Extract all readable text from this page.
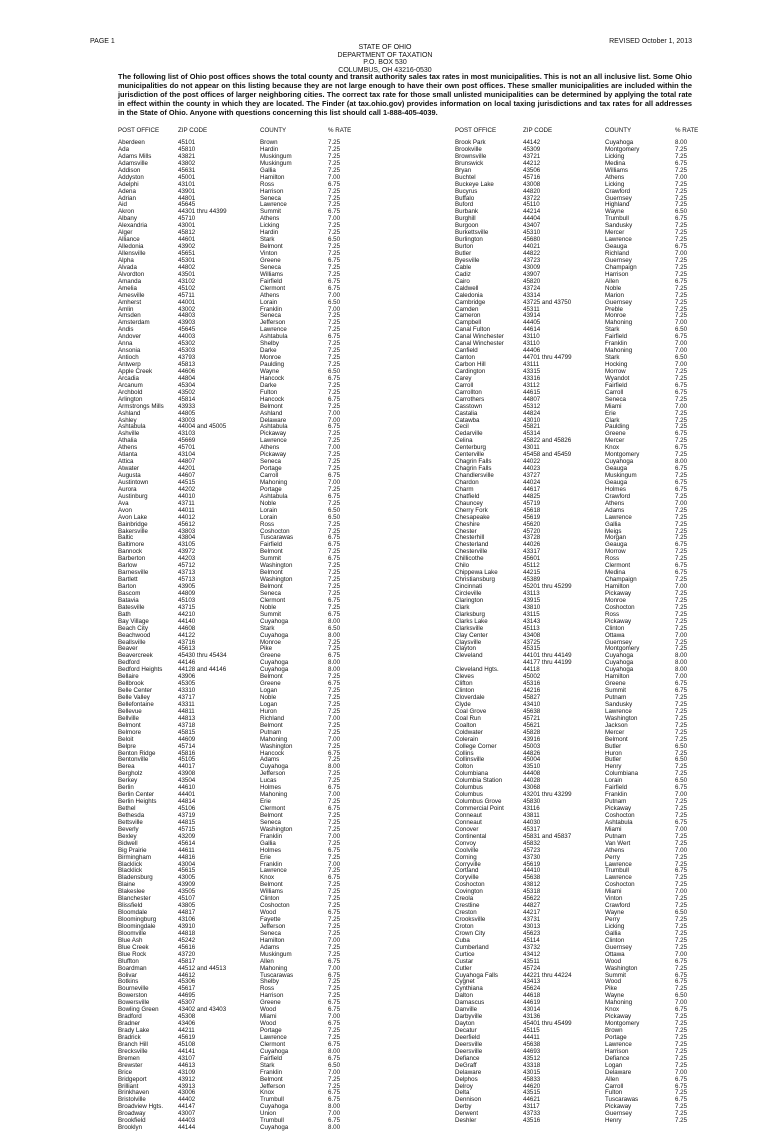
PAGE 1	REVISED October 1, 2013
STATE OF OHIO
DEPARTMENT OF TAXATION
P.O. BOX 530
COLUMBUS, OH 43216-0530
The following list of Ohio post offices shows the total county and transit authority sales tax rates in most municipalities. This is not an all inclusive list. Some Ohio municipalities do not appear on this listing because they are not large enough to have their own post offices. These smaller municipalities are included within the jurisdiction of the post offices of larger neighboring cities. The correct tax rate for those small unlisted municipalities can be determined by applying the total rate in effect within the county in which they are located. The Finder (at tax.ohio.gov) provides information on local taxing jurisdictions and tax rates for all addresses in the State of Ohio. Anyone with questions concerning this list should call 1-888-405-4039.
POST OFFICE	ZIP CODE	COUNTY	% RATE
Aberdeen	45101	Brown	7.25
Ada	45810	Hardin	7.25
Adams Mills	43821	Muskingum	7.25
Adamsville	43802	Muskingum	7.25
Addison	45631	Gallia	7.25
Addyston	45001	Hamilton	7.00
Adelphi	43101	Ross	6.75
Adena	43901	Harrison	7.25
Adrian	44801	Seneca	7.25
Aid	45645	Lawrence	7.25
Akron	44301 thru 44399	Summit	6.75
Albany	45710	Athens	7.00
Alexandria	43001	Licking	7.25
Alger	45812	Hardin	7.25
Alliance	44601	Stark	6.50
Alledonia	43902	Belmont	7.25
Allensville	45651	Vinton	7.25
Alpha	45301	Greene	6.75
Alvada	44802	Seneca	7.25
Alvordton	43501	Williams	7.25
Amanda	43102	Fairfield	6.75
Amelia	45102	Clermont	6.75
Amesville	45711	Athens	7.00
Amherst	44001	Lorain	6.50
Amlin	43002	Franklin	7.00
Amsden	44803	Seneca	7.25
Amsterdam	43903	Jefferson	7.25
Andis	45645	Lawrence	7.25
Andover	44003	Ashtabula	6.75
Anna	45302	Shelby	7.25
Ansonia	45303	Darke	7.25
Antioch	43793	Monroe	7.25
Antwerp	45813	Paulding	7.25
Apple Creek	44606	Wayne	6.50
Arcadia	44804	Hancock	6.75
Arcanum	45304	Darke	7.25
Archbold	43502	Fulton	7.25
Arlington	45814	Hancock	6.75
Armstrongs Mills 43933	Belmont	7.25
Ashland	44805	Ashland	7.00
Ashley	43003	Delaware	7.00
Ashtabula	44004 and 45005	Ashtabula	6.75
Ashville	43103	Pickaway	7.25
Athalia	45669	Lawrence	7.25
Athens	45701	Athens	7.00
Atlanta	43104	Pickaway	7.25
Attica	44807	Seneca	7.25
Atwater	44201	Portage	7.25
Augusta	44607	Carroll	6.75
Austintown	44515	Mahoning	7.00
Aurora	44202	Portage	7.25
Austinburg	44010	Ashtabula	6.75
Ava	43711	Noble	7.25
Avon	44011	Lorain	6.50
Avon Lake	44012	Lorain	6.50
Bainbridge	45612	Ross	7.25
Bakersville	43803	Coshocton	7.25
Baltic	43804	Tuscarawas	6.75
Baltimore	43105	Fairfield	6.75
Bannock	43972	Belmont	7.25
Barberton	44203	Summit	6.75
Barlow	45712	Washington	7.25
Barnesville	43713	Belmont	7.25
Bartlett	45713	Washington	7.25
Barton	43905	Belmont	7.25
Bascom	44809	Seneca	7.25
Batavia	45103	Clermont	6.75
Batesville	43715	Noble	7.25
Bath	44210	Summit	6.75
Bay Village	44140	Cuyahoga	8.00
Beach City	44608	Stark	6.50
Beachwood	44122	Cuyahoga	8.00
Beallsville	43716	Monroe	7.25
Beaver	45613	Pike	7.25
Beavercreek	45430 thru 45434	Greene	6.75
Bedford	44146	Cuyahoga	8.00
Bedford Heights	44128 and 44146	Cuyahoga	8.00
Bellaire	43906	Belmont	7.25
Bellbrook	45305	Greene	6.75
Belle Center	43310	Logan	7.25
Belle Valley	43717	Noble	7.25
Bellefontaine	43311	Logan	7.25
Bellevue	44811	Huron	7.25
Bellville	44813	Richland	7.00
Belmont	43718	Belmont	7.25
Belmore	45815	Putnam	7.25
Beloit	44609	Mahoning	7.00
Belpre	45714	Washington	7.25
Benton Ridge	45816	Hancock	6.75
Bentonville	45105	Adams	7.25
Berea	44017	Cuyahoga	8.00
Bergholz	43908	Jefferson	7.25
Berkey	43504	Lucas	7.25
Berlin	44610	Holmes	6.75
Berlin Center	44401	Mahoning	7.00
Berlin Heights	44814	Erie	7.25
Bethel	45106	Clermont	6.75
Bethesda	43719	Belmont	7.25
Bettsville	44815	Seneca	7.25
Beverly	45715	Washington	7.25
Bexley	43209	Franklin	7.00
Bidwell	45614	Gallia	7.25
Big Prairie	44611	Holmes	6.75
Birmingham	44816	Erie	7.25
Blacklick	43004	Franklin	7.00
Blacklick	45615	Lawrence	7.25
Bladensburg	43005	Knox	6.75
Blaine	43909	Belmont	7.25
Blakeslee	43505	Williams	7.25
Blanchester	45107	Clinton	7.25
Blissfield	43805	Coshocton	7.25
Bloomdale	44817	Wood	6.75
Bloomingburg	43106	Fayette	7.25
Bloomingdale	43910	Jefferson	7.25
Bloomville	44818	Seneca	7.25
Blue Ash	45242	Hamilton	7.00
Blue Creek	45616	Adams	7.25
Blue Rock	43720	Muskingum	7.25
Bluffton	45817	Allen	6.75
Boardman	44512 and 44513	Mahoning	7.00
Bolivar	44612	Tuscarawas	6.75
Botkins	45306	Shelby	7.25
Bourneville	45617	Ross	7.25
Bowerston	44695	Harrison	7.25
Bowersville	45307	Greene	6.75
Bowling Green	43402 and 43403	Wood	6.75
Bradford	45308	Miami	7.00
Bradner	43406	Wood	6.75
Brady Lake	44211	Portage	7.25
Bradrick	45619	Lawrence	7.25
Branch Hill	45108	Clermont	6.75
Brecksville	44141	Cuyahoga	8.00
Bremen	43107	Fairfield	6.75
Brewster	44613	Stark	6.50
Brice	43109	Franklin	7.00
Bridgeport	43912	Belmont	7.25
Brilliant	43913	Jefferson	7.25
Brinkhaven	43006	Knox	6.75
Bristolville	44402	Trumbull	6.75
Broadview Hgts. 44147	Cuyahoga	8.00
Broadway	43007	Union	7.00
Brookfield	44403	Trumbull	6.75
Brooklyn	44144	Cuyahoga	8.00
POST OFFICE	ZIP CODE	COUNTY	% RATE
Brook Park	44142	Cuyahoga	8.00
Brookville	45309	Montgomery	7.25
Brownsville	43721	Licking	7.25
Brunswick	44212	Medina	6.75
Bryan	43506	Williams	7.25
Buchtel	45716	Athens	7.00
Buckeye Lake	43008	Licking	7.25
Bucyrus	44820	Crawford	7.25
Buffalo	43722	Guernsey	7.25
Buford	45110	Highland	7.25
Burbank	44214	Wayne	6.50
Burghill	44404	Trumbull	6.75
Burgoon	43407	Sandusky	7.25
Burkettsville	45310	Mercer	7.25
Burlington	45680	Lawrence	7.25
Burton	44021	Geauga	6.75
Butler	44822	Richland	7.00
Byesville	43723	Guernsey	7.25
Cable	43009	Champaign	7.25
Cadiz	43907	Harrison	7.25
Cairo	45820	Allen	6.75
Caldwell	43724	Noble	7.25
Caledonia	43314	Marion	7.25
Cambridge	43725 and 43750	Guernsey	7.25
Camden	45311	Preble	7.25
Cameron	43914	Monroe	7.25
Campbell	44405	Mahoning	7.00
Canal Fulton	44614	Stark	6.50
Canal Winchester	43110	Fairfield	6.75
Canal Winchester	43110	Franklin	7.00
Canfield	44406	Mahoning	7.00
Canton	44701 thru 44799	Stark	6.50
Carbon Hill	43111	Hocking	7.00
Cardington	43315	Morrow	7.25
Carey	43316	Wyandot	7.25
Carroll	43112	Fairfield	6.75
Carrollton	44615	Carroll	6.75
Carrothers	44807	Seneca	7.25
Casstown	45312	Miami	7.00
Castalia	44824	Erie	7.25
Catawba	43010	Clark	7.25
Cecil	45821	Paulding	7.25
Cedarville	45314	Greene	6.75
Celina	45822 and 45826	Mercer	7.25
Centerburg	43011	Knox	6.75
Centerville	45458 and 45459	Montgomery	7.25
Chagrin Falls	44022	Cuyahoga	8.00
Chagrin Falls	44023	Geauga	6.75
Chandlersville	43727	Muskingum	7.25
Chardon	44024	Geauga	6.75
Charm	44617	Holmes	6.75
Chatfield	44825	Crawford	7.25
Chauncey	45719	Athens	7.00
Cherry Fork	45618	Adams	7.25
Chesapeake	45619	Lawrence	7.25
Cheshire	45620	Gallia	7.25
Chester	45720	Meigs	7.25
Chesterhill	43728	Morgan	7.25
Chesterland	44026	Geauga	6.75
Chesterville	43317	Morrow	7.25
Chillicothe	45601	Ross	7.25
Chilo	45112	Clermont	6.75
Chippewa Lake	44215	Medina	6.75
Christiansburg	45389	Champaign	7.25
Cincinnati	45201 thru 45299	Hamilton	7.00
Circleville	43113	Pickaway	7.25
Clarington	43915	Monroe	7.25
Clark	43810	Coshocton	7.25
Clarksburg	43115	Ross	7.25
Clarks Lake	43143	Pickaway	7.25
Clarksville	45113	Clinton	7.25
Clay Center	43408	Ottawa	7.00
Claysville	43725	Guernsey	7.25
Clayton	45315	Montgomery	7.25
Cleveland	44101 thru 44149	Cuyahoga	8.00
44177 thru 44199	Cuyahoga	8.00
Cleveland Hgts.	44118	Cuyahoga	8.00
Cleves	45002	Hamilton	7.00
Clifton	45316	Greene	6.75
Clinton	44216	Summit	6.75
Cloverdale	45827	Putnam	7.25
Clyde	43410	Sandusky	7.25
Coal Grove	45638	Lawrence	7.25
Coal Run	45721	Washington	7.25
Coalton	45621	Jackson	7.25
Coldwater	45828	Mercer	7.25
Colerain	43916	Belmont	7.25
College Corner	45003	Butler	6.50
Collins	44826	Huron	7.25
Collinsville	45004	Butler	6.50
Colton	43510	Henry	7.25
Columbiana	44408	Columbiana	7.25
Columbia Station	44028	Lorain	6.50
Columbus	43068	Fairfield	6.75
Columbus	43201 thru 43299	Franklin	7.00
Columbus Grove	45830	Putnam	7.25
Commercial Point	43116	Pickaway	7.25
Conneaut	43811	Coshocton	7.25
Conneaut	44030	Ashtabula	6.75
Conover	45317	Miami	7.00
Continental	45831 and 45837	Putnam	7.25
Convoy	45832	Van Wert	7.25
Coolville	45723	Athens	7.00
Corning	43730	Perry	7.25
Corryville	45619	Lawrence	7.25
Cortland	44410	Trumbull	6.75
Coryville	45638	Lawrence	7.25
Coshocton	43812	Coshocton	7.25
Covington	45318	Miami	7.00
Creola	45622	Vinton	7.25
Crestline	44827	Crawford	7.25
Creston	44217	Wayne	6.50
Crooksville	43731	Perry	7.25
Croton	43013	Licking	7.25
Crown City	45623	Gallia	7.25
Cuba	45114	Clinton	7.25
Cumberland	43732	Guernsey	7.25
Curtice	43412	Ottawa	7.00
Custar	43511	Wood	6.75
Cutler	45724	Washington	7.25
Cuyahoga Falls	44221 thru 44224	Summit	6.75
Cygnet	43413	Wood	6.75
Cynthiana	45624	Pike	7.25
Dalton	44618	Wayne	6.50
Damascus	44619	Mahoning	7.00
Danville	43014	Knox	6.75
Darbyville	43136	Pickaway	7.25
Dayton	45401 thru 45499	Montgomery	7.25
Decatur	45115	Brown	7.25
Deerfield	44411	Portage	7.25
Deersville	45638	Lawrence	7.25
Deersville	44693	Harrison	7.25
Defiance	43512	Defiance	7.25
DeGraff	43318	Logan	7.25
Delaware	43015	Delaware	7.00
Delphos	45833	Allen	6.75
Delroy	44620	Carroll	6.75
Delta	43515	Fulton	7.25
Dennison	44621	Tuscarawas	6.75
Derby	43117	Pickaway	7.25
Derwent	43733	Guernsey	7.25
Deshler	43516	Henry	7.25
